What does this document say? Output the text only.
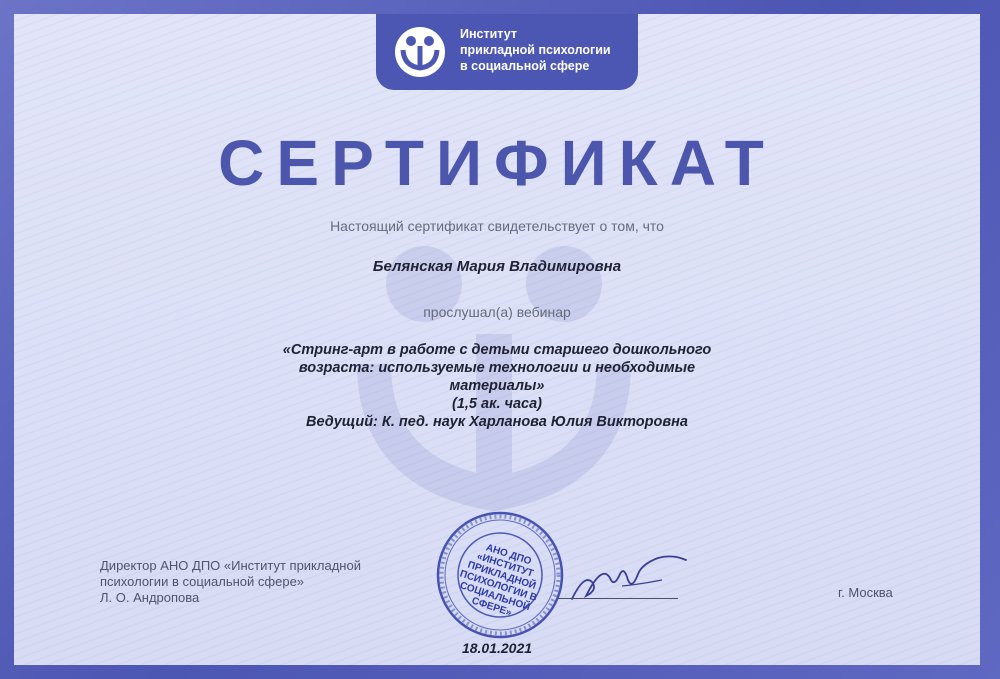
Институт
прикладной психологии
в социальной сфере
СЕРТИФИКАТ
Настоящий сертификат свидетельствует о том, что
Белянская Мария Владимировна
прослушал(а) вебинар
«Стринг-арт в работе с детьми старшего дошкольного
возраста: используемые технологии и необходимые
материалы»
(1,5 ак. часа)
Ведущий: К. пед. наук Харланова Юлия Викторовна
Директор АНО ДПО «Институт прикладной
психологии в социальной сфере»
Л. О. Андропова
АНО ДПО
«ИНСТИТУТ
ПРИКЛАДНОЙ
ПСИХОЛОГИИ В
СОЦИАЛЬНОЙ
СФЕРЕ»
г. Москва
18.01.2021
